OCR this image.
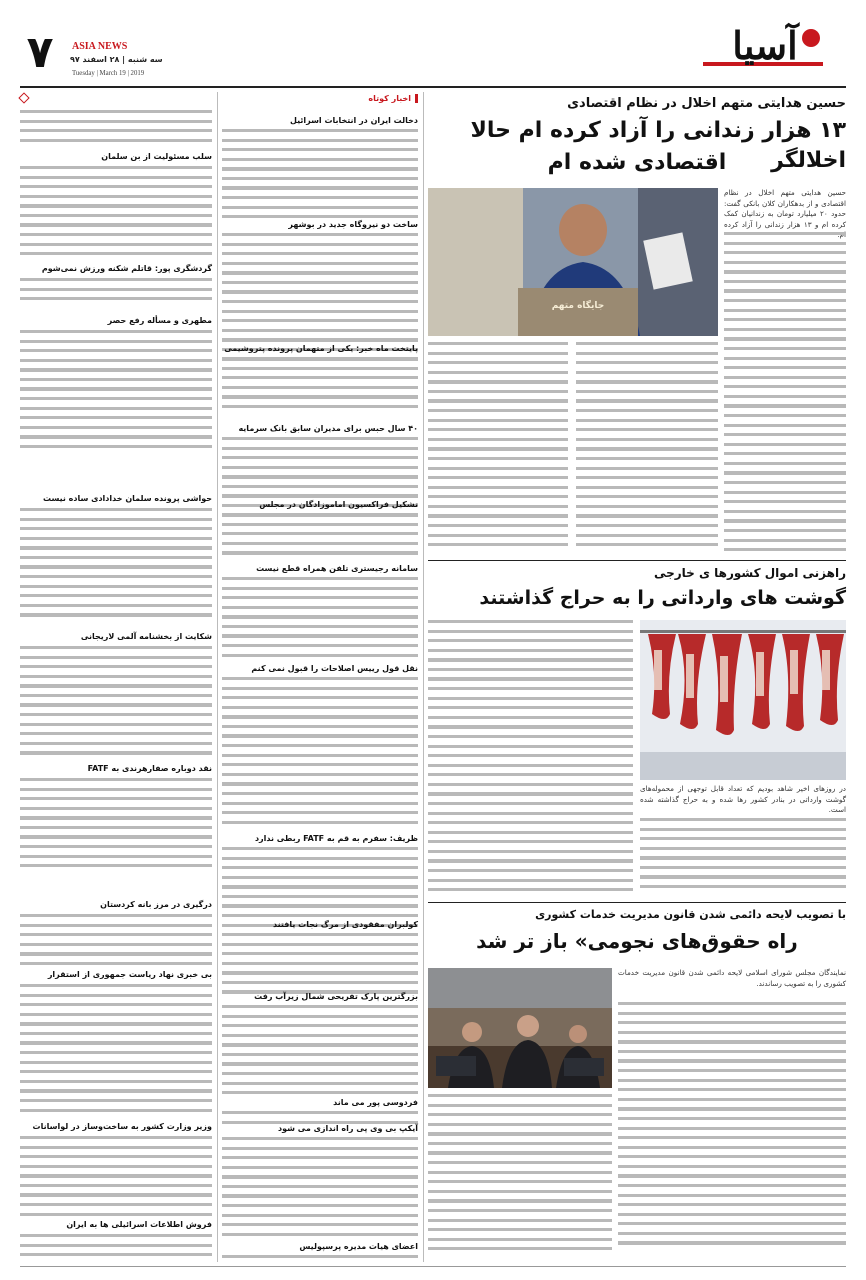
۷	ASIA NEWS
سه شنبه | ۲۸ اسفند ۹۷
Tuesday | March 19 | 2019
آسیا
سلب مسئولیت از بن سلمان
گردشگری پور: قاتلم شکنه ورزش نمی‌شوم
مطهری و مسأله رفع حصر
حواشی پرونده سلمان خدادادی ساده نیست
شکایت از بخشنامه آلمی لاریجانی
نقد دوباره صفارهرندی به FATF
درگیری در مرز بانه کردستان
بی خبری نهاد ریاست جمهوری از استقرار
وزیر وزارت کشور به ساخت‌وساز در لواسانات
فروش اطلاعات اسرائیلی ها به ایران
اخبار کوتاه
دخالت ایران در انتخابات اسرائیل
ساخت دو نیروگاه جدید در بوشهر
پایتخت ماه خبر: یکی از متهمان پرونده پتروشیمی
۴۰ سال حبس برای مدیران سابق بانک سرمایه
تشکیل فراکسیون اماموزادگان در مجلس
سامانه رجیستری تلفن همراه قطع نیست
نقل قول رییس اصلاحات را قبول نمی کنم
ظریف: سفرم به قم به FATF ربطی ندارد
کولبران مفقودی از مرگ نجات یافتند
بزرگترین پارک تفریحی شمال زیرآب رفت
فردوسی پور می ماند
آیکپ بی وی پی راه اندازی می شود
اعضای هیات مدیره پرسپولیس
حسین هدایتی متهم اخلال در نظام اقتصادی
۱۳ هزار زندانی را آزاد کرده ام حالا اخلالگر
اقتصادی شده ام
جایگاه متهم
حسین هدایتی متهم اخلال در نظام اقتصادی و از بدهکاران کلان بانکی گفت: حدود ۲۰ میلیارد تومان به زندانیان کمک کرده ام و ۱۳ هزار زندانی را آزاد کرده
راهزنی اموال کشورها ی خارجی
گوشت های وارداتی را به حراج گذاشتند
در روزهای اخیر شاهد بودیم که تعداد قابل توجهی از محموله‌های گوشت وارداتی در بنادر کشور رها شده و به حراج گذاشته شده است.
با تصویب لایحه دائمی شدن قانون مدیریت خدمات کشوری
راه حقوق‌های نجومی» باز تر شد
نمایندگان مجلس شورای اسلامی لایحه دائمی شدن قانون مدیریت خدمات کشوری را به تصویب رساندند.
